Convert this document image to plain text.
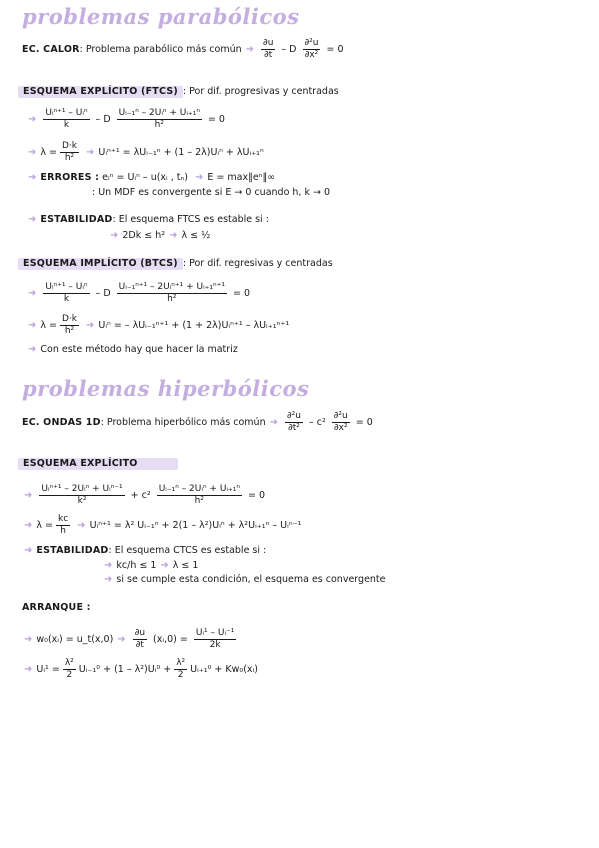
problemas parabólicos
EC. CALOR : Problema parabólico más común ➜ $\frac{\partial u}{\partial t} - D \frac{\text{∂²u}}{\text{∂x²}} = 0$
ESQUEMA EXPLÍCITO (FTCS) : Por dif. progresivas y centradas
➜ $\frac{\text{Uᵢⁿ⁺¹ – Uᵢⁿ}}{k} - D \frac{\text{Uᵢ₋₁ⁿ – 2Uᵢⁿ + Uᵢ₊₁ⁿ}}{\text{h²}} = 0$
➜ $\lambda = \frac{D\cdot k}{\text{h²}}$ ➜ Uᵢⁿ⁺¹ = λUᵢ₋₁ⁿ + (1 – 2λ)Uᵢⁿ + λUᵢ₊₁ⁿ
➜ ERRORES : eᵢⁿ = Uᵢⁿ – u(xᵢ , tₙ) ➜ E = max‖eⁿ‖∞
: Un MDF es convergente si E → 0 cuando h, k → 0
➜ ESTABILIDAD : El esquema FTCS es estable si :
➜ 2Dk ≤ h² ➜ λ ≤ ½
ESQUEMA IMPLÍCITO (BTCS) : Por dif. regresivas y centradas
➜ $\frac{\text{Uᵢⁿ⁺¹ – Uᵢⁿ}}{k} - D \frac{\text{Uᵢ₋₁ⁿ⁺¹ – 2Uᵢⁿ⁺¹ + Uᵢ₊₁ⁿ⁺¹}}{\text{h²}} = 0$
➜ $\lambda = \frac{D\cdot k}{\text{h²}}$ ➜ Uᵢⁿ = – λUᵢ₋₁ⁿ⁺¹ + (1 + 2λ)Uᵢⁿ⁺¹ – λUᵢ₊₁ⁿ⁺¹
➜ Con este método hay que hacer la matriz
problemas hiperbólicos
EC. ONDAS 1D : Problema hiperbólico más común ➜ $\frac{\text{∂²u}}{\text{∂t²}} - c^2 \frac{\text{∂²u}}{\text{∂x²}} = 0$
ESQUEMA EXPLÍCITO
➜ $\frac{\text{Uᵢⁿ⁺¹ – 2Uᵢⁿ + Uᵢⁿ⁻¹}}{\text{k²}} + c^2 \frac{\text{Uᵢ₋₁ⁿ – 2Uᵢⁿ + Uᵢ₊₁ⁿ}}{\text{h²}} = 0$
➜ $\lambda = \frac{kc}{h}$ ➜ Uᵢⁿ⁺¹ = λ² Uᵢ₋₁ⁿ + 2(1 – λ²)Uᵢⁿ + λ²Uᵢ₊₁ⁿ – Uᵢⁿ⁻¹
➜ ESTABILIDAD : El esquema CTCS es estable si :
➜ kc/h ≤ 1 ➜ λ ≤ 1
➜ si se cumple esta condición, el esquema es convergente
ARRANQUE :
➜ w₀(xᵢ) = u_t(x,0) ➜ $\frac{\partial u}{\partial t}$ (xᵢ,0) = $\frac{\text{Uᵢ¹ – Uᵢ⁻¹}}{2k}$
➜ Uᵢ¹ = $\frac{\text{λ²}}{2}$ Uᵢ₋₁⁰ + (1 – λ²)Uᵢ⁰ + $\frac{\text{λ²}}{2}$ Uᵢ₊₁⁰ + Kw₀(xᵢ)
